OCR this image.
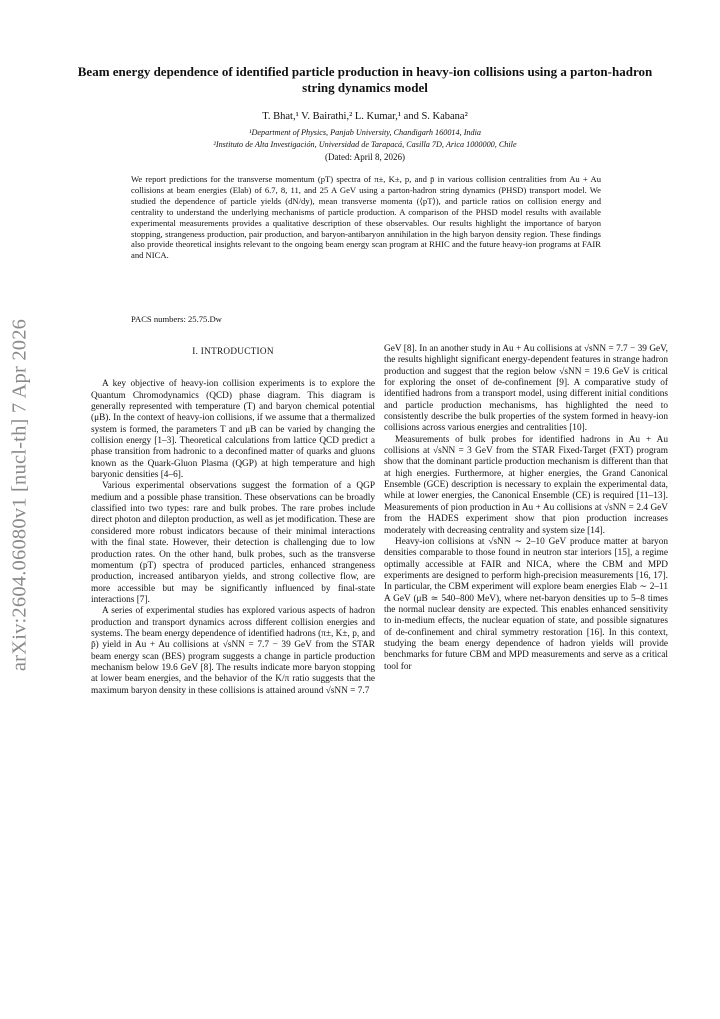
arXiv:2604.06080v1 [nucl-th] 7 Apr 2026
Beam energy dependence of identified particle production in heavy-ion collisions using a parton-hadron string dynamics model
T. Bhat,¹ V. Bairathi,² L. Kumar,¹ and S. Kabana²
¹Department of Physics, Panjab University, Chandigarh 160014, India
²Instituto de Alta Investigación, Universidad de Tarapacá, Casilla 7D, Arica 1000000, Chile
(Dated: April 8, 2026)
We report predictions for the transverse momentum (pT) spectra of π±, K±, p, and p̄ in various collision centralities from Au + Au collisions at beam energies (Elab) of 6.7, 8, 11, and 25 A GeV using a parton-hadron string dynamics (PHSD) transport model. We studied the dependence of particle yields (dN/dy), mean transverse momenta (⟨pT⟩), and particle ratios on collision energy and centrality to understand the underlying mechanisms of particle production. A comparison of the PHSD model results with available experimental measurements provides a qualitative description of these observables. Our results highlight the importance of baryon stopping, strangeness production, pair production, and baryon-antibaryon annihilation in the high baryon density region. These findings also provide theoretical insights relevant to the ongoing beam energy scan program at RHIC and the future heavy-ion programs at FAIR and NICA.
PACS numbers: 25.75.Dw
I. INTRODUCTION

A key objective of heavy-ion collision experiments is to explore the Quantum Chromodynamics (QCD) phase diagram. This diagram is generally represented with temperature (T) and baryon chemical potential (μB). In the context of heavy-ion collisions, if we assume that a thermalized system is formed, the parameters T and μB can be varied by changing the collision energy [1–3]. Theoretical calculations from lattice QCD predict a phase transition from hadronic to a deconfined matter of quarks and gluons known as the Quark-Gluon Plasma (QGP) at high temperature and high baryonic densities [4–6].

Various experimental observations suggest the formation of a QGP medium and a possible phase transition. These observations can be broadly classified into two types: rare and bulk probes. The rare probes include direct photon and dilepton production, as well as jet modification. These are considered more robust indicators because of their minimal interactions with the final state. However, their detection is challenging due to low production rates. On the other hand, bulk probes, such as the transverse momentum (pT) spectra of produced particles, enhanced strangeness production, increased antibaryon yields, and strong collective flow, are more accessible but may be significantly influenced by final-state interactions [7].

A series of experimental studies has explored various aspects of hadron production and transport dynamics across different collision energies and systems. The beam energy dependence of identified hadrons (π±, K±, p, and p̄) yield in Au + Au collisions at √sNN = 7.7 − 39 GeV from the STAR beam energy scan (BES) program suggests a change in particle production mechanism below 19.6 GeV [8]. The results indicate more baryon stopping at lower beam energies, and the behavior of the K/π ratio suggests that the maximum baryon density in these collisions is attained around √sNN = 7.7

GeV [8]. In an another study in Au + Au collisions at √sNN = 7.7 − 39 GeV, the results highlight significant energy-dependent features in strange hadron production and suggest that the region below √sNN = 19.6 GeV is critical for exploring the onset of de-confinement [9]. A comparative study of identified hadrons from a transport model, using different initial conditions and particle production mechanisms, has highlighted the need to consistently describe the bulk properties of the system formed in heavy-ion collisions across various energies and centralities [10].

Measurements of bulk probes for identified hadrons in Au + Au collisions at √sNN = 3 GeV from the STAR Fixed-Target (FXT) program show that the dominant particle production mechanism is different than that at high energies. Furthermore, at higher energies, the Grand Canonical Ensemble (GCE) description is necessary to explain the experimental data, while at lower energies, the Canonical Ensemble (CE) is required [11–13]. Measurements of pion production in Au + Au collisions at √sNN = 2.4 GeV from the HADES experiment show that pion production increases moderately with decreasing centrality and system size [14].

Heavy-ion collisions at √sNN ∼ 2–10 GeV produce matter at baryon densities comparable to those found in neutron star interiors [15], a regime optimally accessible at FAIR and NICA, where the CBM and MPD experiments are designed to perform high-precision measurements [16, 17]. In particular, the CBM experiment will explore beam energies Elab ∼ 2–11 A GeV (μB ≃ 540–800 MeV), where net-baryon densities up to 5–8 times the normal nuclear density are expected. This enables enhanced sensitivity to in-medium effects, the nuclear equation of state, and possible signatures of de-confinement and chiral symmetry restoration [16]. In this context, studying the beam energy dependence of hadron yields will provide benchmarks for future CBM and MPD measurements and serve as a critical tool for
